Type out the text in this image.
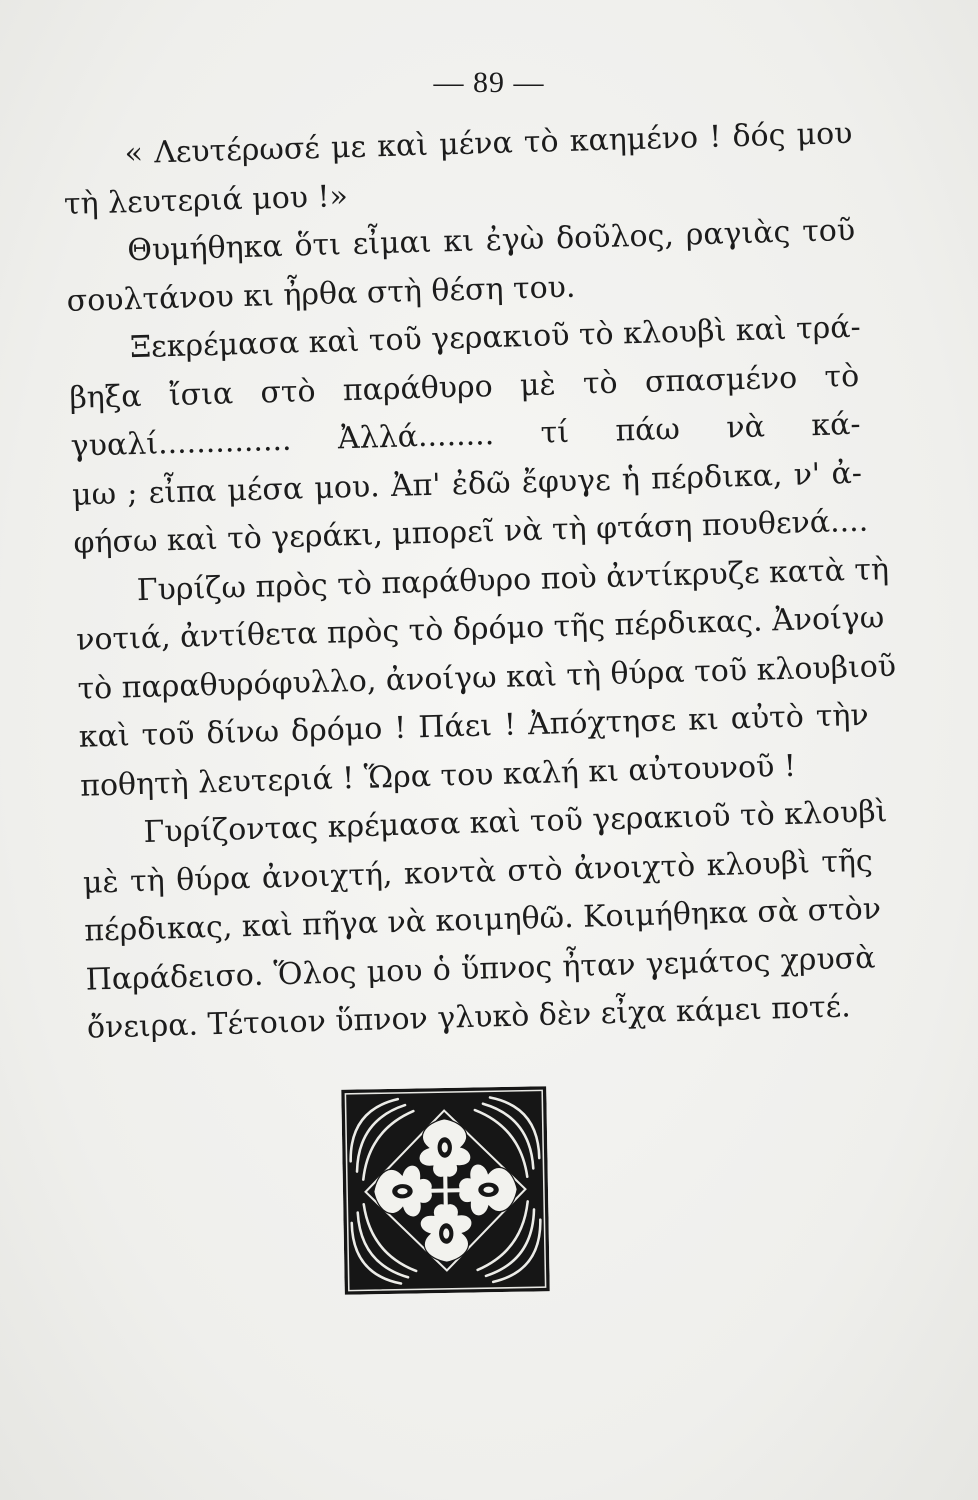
— 89 —
« Λευτέρωσέ με καὶ μένα τὸ καημένο ! δός μου
τὴ λευτεριά μου !»
Θυμήθηκα ὅτι εἶμαι κι ἐγὼ δοῦλος, ραγιὰς τοῦ
σουλτάνου κι ἦρθα στὴ θέση του.
Ξεκρέμασα καὶ τοῦ γερακιοῦ τὸ κλουβὶ καὶ τρά-
βηξα ἴσια στὸ παράθυρο μὲ τὸ σπασμένο τὸ
γυαλί.............. Ἀλλά........ τί πάω νὰ κά-
μω ; εἶπα μέσα μου. Ἀπ' ἐδῶ ἔφυγε ἡ πέρδικα, ν' ἀ-
φήσω καὶ τὸ γεράκι, μπορεῖ νὰ τὴ φτάση πουθενά....
Γυρίζω πρὸς τὸ παράθυρο ποὺ ἀντίκρυζε κατὰ τὴ
νοτιά, ἀντίθετα πρὸς τὸ δρόμο τῆς πέρδικας. Ἀνοίγω
τὸ παραθυρόφυλλο, ἀνοίγω καὶ τὴ θύρα τοῦ κλουβιοῦ
καὶ τοῦ δίνω δρόμο ! Πάει ! Ἀπόχτησε κι αὐτὸ τὴν
ποθητὴ λευτεριά ! Ὥρα του καλή κι αὐτουνοῦ !
Γυρίζοντας κρέμασα καὶ τοῦ γερακιοῦ τὸ κλουβὶ
μὲ τὴ θύρα ἀνοιχτή, κοντὰ στὸ ἀνοιχτὸ κλουβὶ τῆς
πέρδικας, καὶ πῆγα νὰ κοιμηθῶ. Κοιμήθηκα σὰ στὸν
Παράδεισο. Ὅλος μου ὁ ὕπνος ἦταν γεμάτος χρυσὰ
ὄνειρα. Τέτοιον ὕπνον γλυκὸ δὲν εἶχα κάμει ποτέ.
